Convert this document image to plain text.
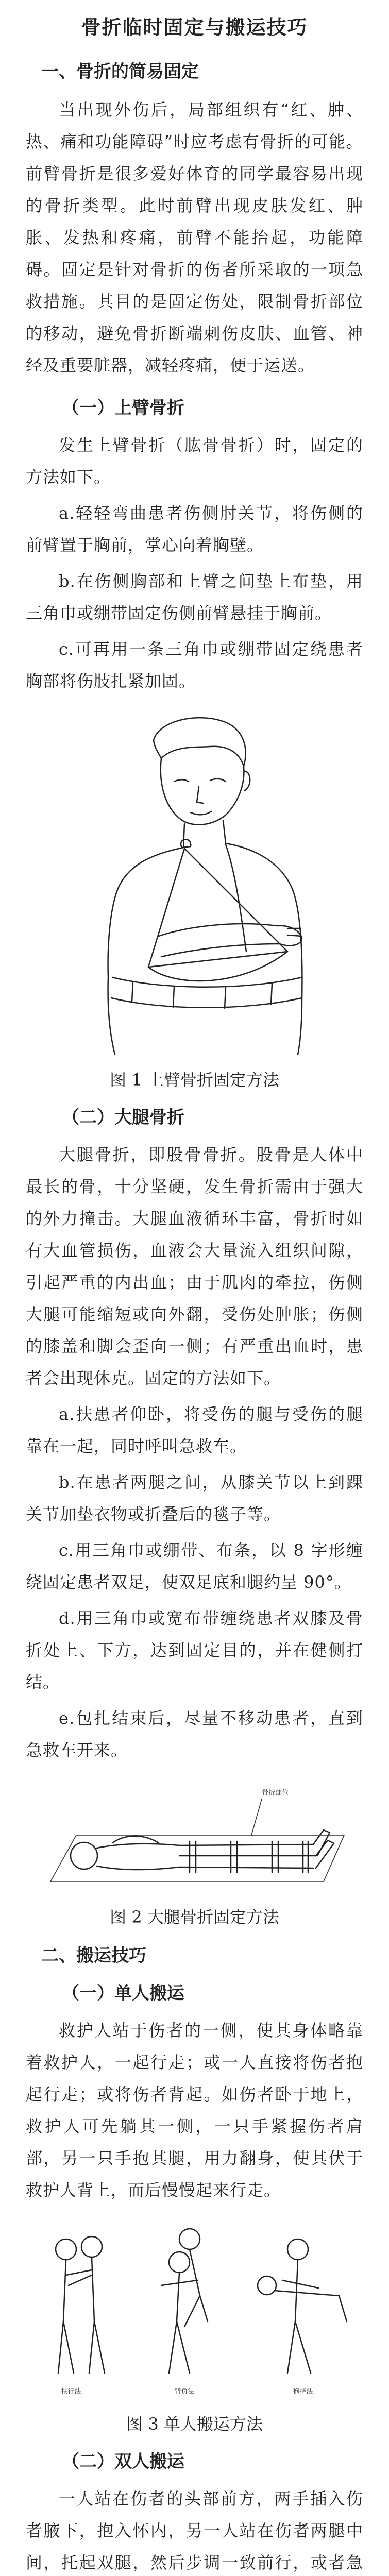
骨折临时固定与搬运技巧
一、骨折的简易固定

当出现外伤后，局部组织有“红、肿、热、痛和功能障碍”时应考虑有骨折的可能。前臂骨折是很多爱好体育的同学最容易出现的骨折类型。此时前臂出现皮肤发红、肿胀、发热和疼痛，前臂不能抬起，功能障碍。固定是针对骨折的伤者所采取的一项急救措施。其目的是固定伤处，限制骨折部位的移动，避免骨折断端刺伤皮肤、血管、神经及重要脏器，减轻疼痛，便于运送。

（一）上臂骨折

发生上臂骨折（肱骨骨折）时，固定的方法如下。

a.轻轻弯曲患者伤侧肘关节，将伤侧的前臂置于胸前，掌心向着胸壁。

b.在伤侧胸部和上臂之间垫上布垫，用三角巾或绷带固定伤侧前臂悬挂于胸前。

c.可再用一条三角巾或绷带固定绕患者胸部将伤肢扎紧加固。

图 1 上臂骨折固定方法
（二）大腿骨折

大腿骨折，即股骨骨折。股骨是人体中最长的骨，十分坚硬，发生骨折需由于强大的外力撞击。大腿血液循环丰富，骨折时如有大血管损伤，血液会大量流入组织间隙，引起严重的内出血；由于肌肉的牵拉，伤侧大腿可能缩短或向外翻，受伤处肿胀；伤侧的膝盖和脚会歪向一侧；有严重出血时，患者会出现休克。固定的方法如下。

a.扶患者仰卧，将受伤的腿与受伤的腿靠在一起，同时呼叫急救车。

b.在患者两腿之间，从膝关节以上到踝关节加垫衣物或折叠后的毯子等。

c.用三角巾或绷带、布条，以 8 字形缠绕固定患者双足，使双足底和腿约呈 90°。

d.用三角巾或宽布带缠绕患者双膝及骨折处上、下方，达到固定目的，并在健侧打结。

e.包扎结束后，尽量不移动患者，直到急救车开来。

骨折部位
图 2 大腿骨折固定方法
二、搬运技巧
（一）单人搬运

救护人站于伤者的一侧，使其身体略靠着救护人，一起行走；或一人直接将伤者抱起行走；或将伤者背起。如伤者卧于地上，救护人可先躺其一侧，一只手紧握伤者肩部，另一只手抱其腿，用力翻身，使其伏于救护人背上，而后慢慢起来行走。

扶行法	背负法	抱持法
图 3 单人搬运方法
（二）双人搬运

一人站在伤者的头部前方，两手插入伤者腋下，抱入怀内，另一人站在伤者两腿中间，托起双腿，然后步调一致前行，或者急
